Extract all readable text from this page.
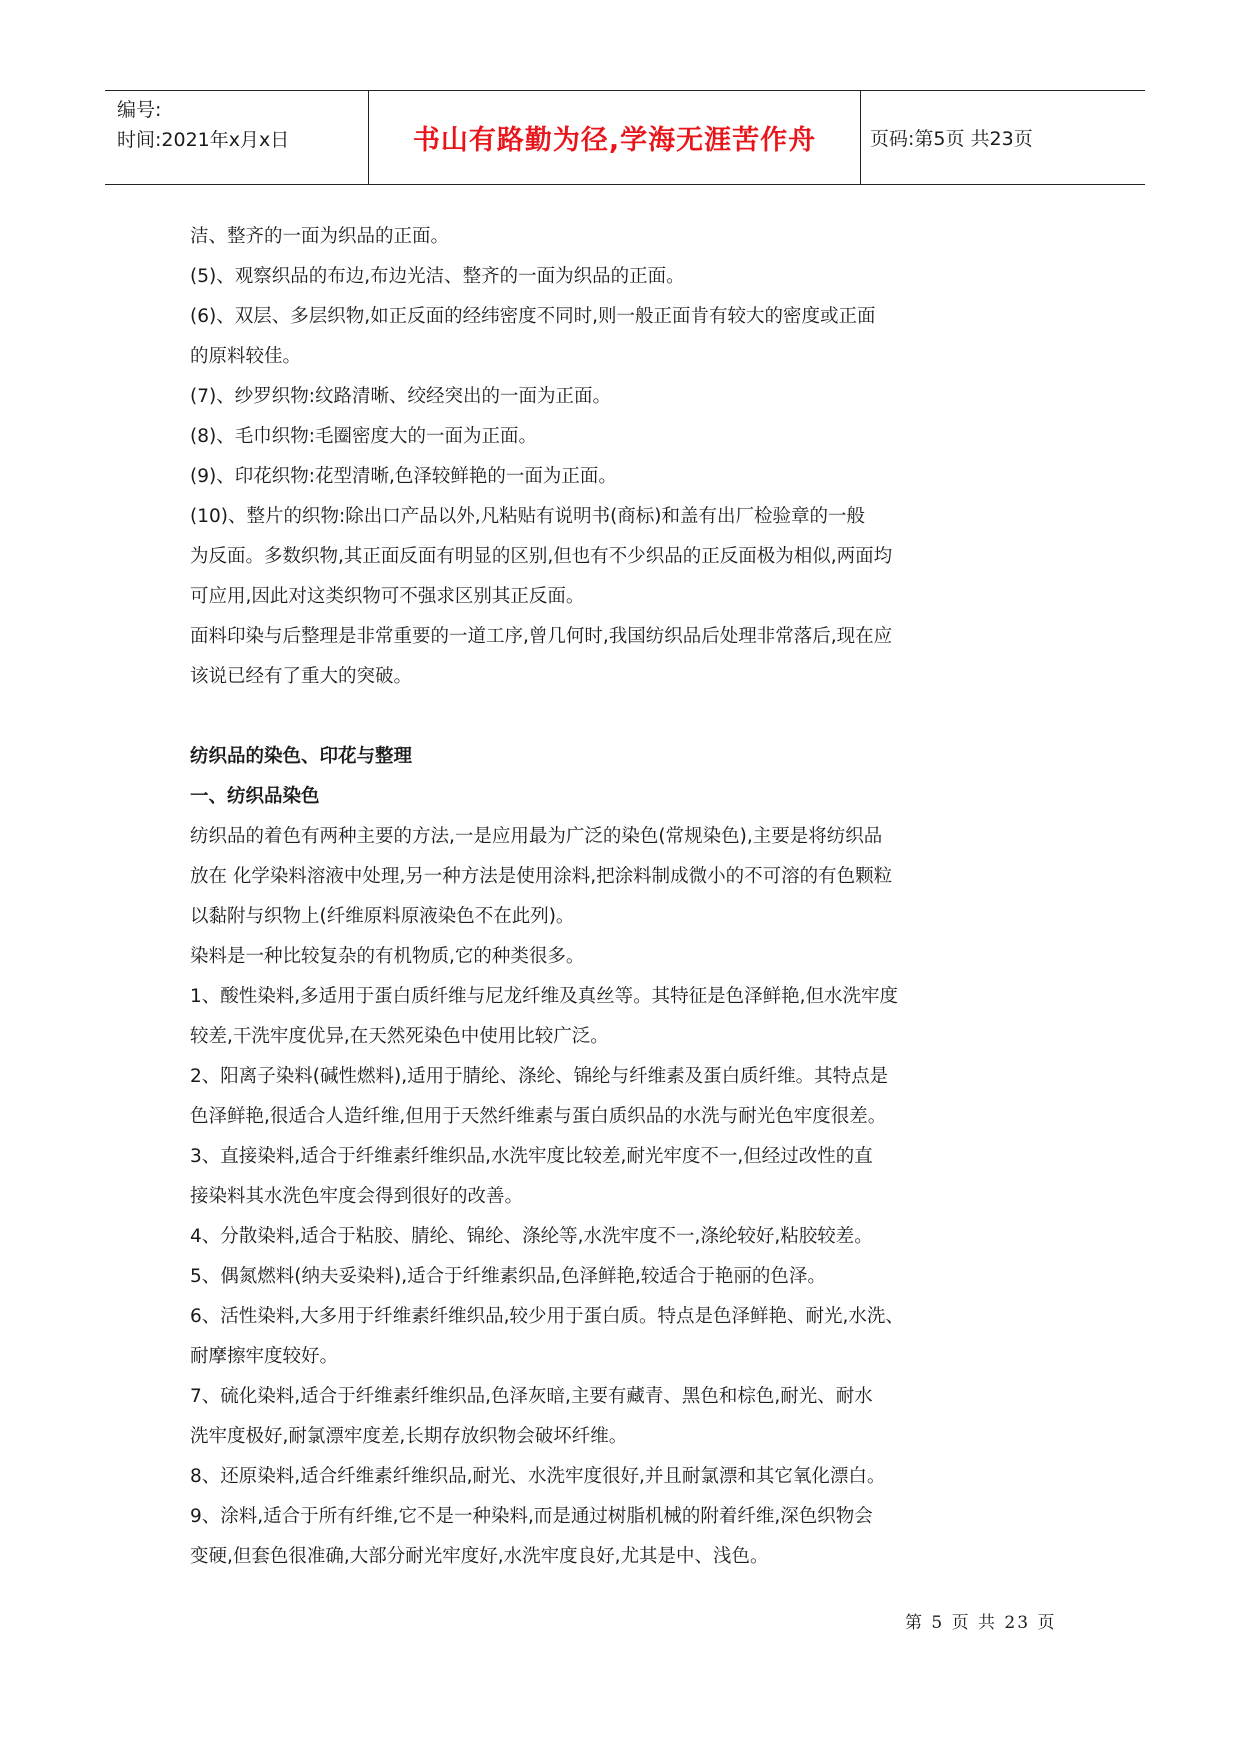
编号:
时间:2021年x月x日	书山有路勤为径,学海无涯苦作舟	页码:第5页 共23页
洁、整齐的一面为织品的正面。
(5)、观察织品的布边,布边光洁、整齐的一面为织品的正面。
(6)、双层、多层织物,如正反面的经纬密度不同时,则一般正面肯有较大的密度或正面
的原料较佳。
(7)、纱罗织物:纹路清晰、绞经突出的一面为正面。
(8)、毛巾织物:毛圈密度大的一面为正面。
(9)、印花织物:花型清晰,色泽较鲜艳的一面为正面。
(10)、整片的织物:除出口产品以外,凡粘贴有说明书(商标)和盖有出厂检验章的一般
为反面。多数织物,其正面反面有明显的区别,但也有不少织品的正反面极为相似,两面均
可应用,因此对这类织物可不强求区别其正反面。
面料印染与后整理是非常重要的一道工序,曾几何时,我国纺织品后处理非常落后,现在应
该说已经有了重大的突破。
纺织品的染色、印花与整理
一、纺织品染色
纺织品的着色有两种主要的方法,一是应用最为广泛的染色(常规染色),主要是将纺织品
放在 化学染料溶液中处理,另一种方法是使用涂料,把涂料制成微小的不可溶的有色颗粒
以黏附与织物上(纤维原料原液染色不在此列)。
染料是一种比较复杂的有机物质,它的种类很多。
1、酸性染料,多适用于蛋白质纤维与尼龙纤维及真丝等。其特征是色泽鲜艳,但水洗牢度
较差,干洗牢度优异,在天然死染色中使用比较广泛。
2、阳离子染料(碱性燃料),适用于腈纶、涤纶、锦纶与纤维素及蛋白质纤维。其特点是
色泽鲜艳,很适合人造纤维,但用于天然纤维素与蛋白质织品的水洗与耐光色牢度很差。
3、直接染料,适合于纤维素纤维织品,水洗牢度比较差,耐光牢度不一,但经过改性的直
接染料其水洗色牢度会得到很好的改善。
4、分散染料,适合于粘胶、腈纶、锦纶、涤纶等,水洗牢度不一,涤纶较好,粘胶较差。
5、偶氮燃料(纳夫妥染料),适合于纤维素织品,色泽鲜艳,较适合于艳丽的色泽。
6、活性染料,大多用于纤维素纤维织品,较少用于蛋白质。特点是色泽鲜艳、耐光,水洗、
耐摩擦牢度较好。
7、硫化染料,适合于纤维素纤维织品,色泽灰暗,主要有藏青、黑色和棕色,耐光、耐水
洗牢度极好,耐氯漂牢度差,长期存放织物会破坏纤维。
8、还原染料,适合纤维素纤维织品,耐光、水洗牢度很好,并且耐氯漂和其它氧化漂白。
9、涂料,适合于所有纤维,它不是一种染料,而是通过树脂机械的附着纤维,深色织物会
变硬,但套色很准确,大部分耐光牢度好,水洗牢度良好,尤其是中、浅色。
第 5 页 共 23 页
